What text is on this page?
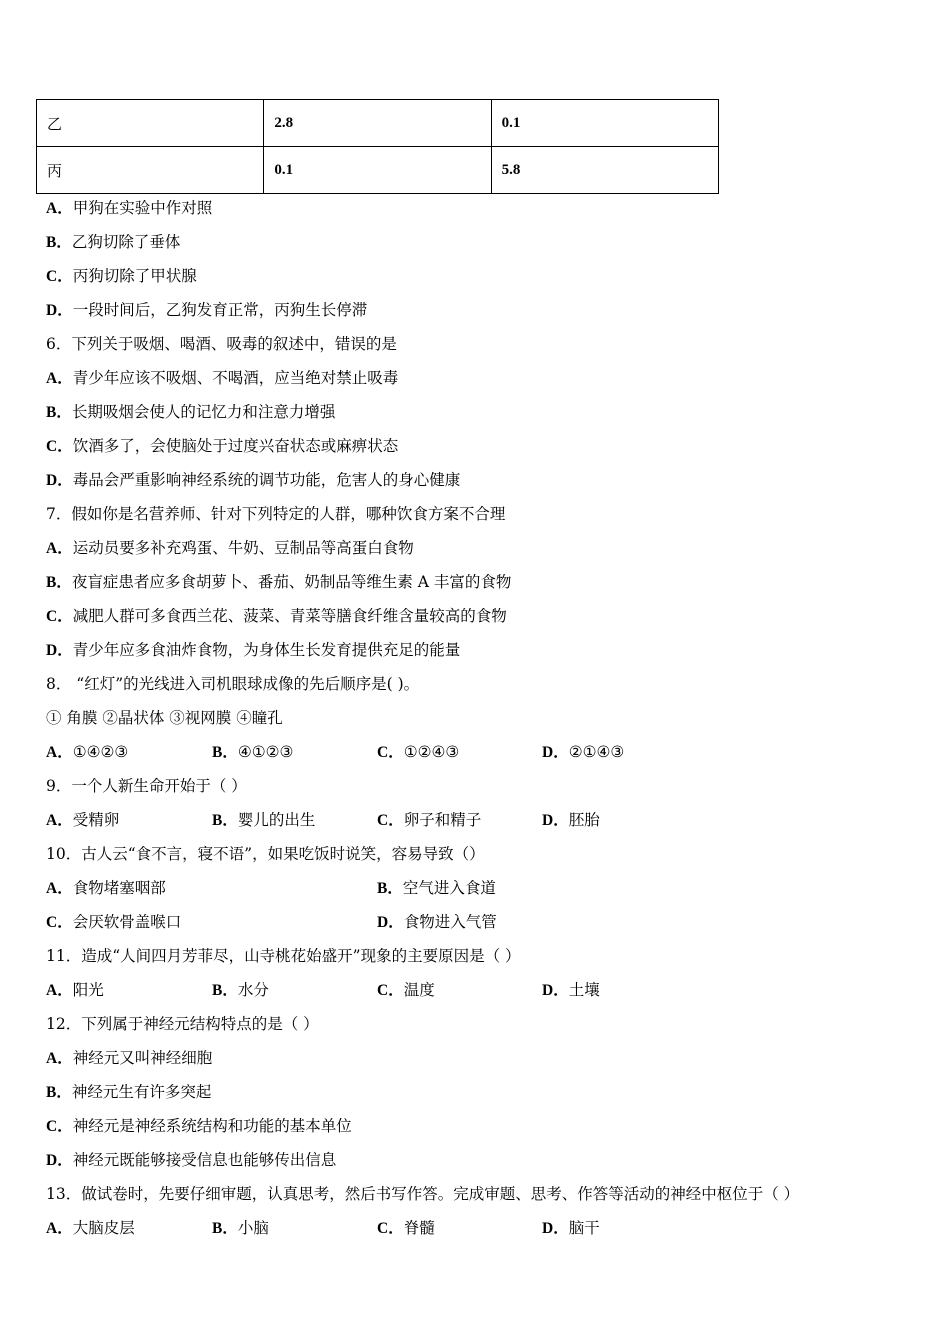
乙	2.8	0.1
丙	0.1	5.8
A．甲狗在实验中作对照
B．乙狗切除了垂体
C．丙狗切除了甲状腺
D．一段时间后，乙狗发育正常，丙狗生长停滞
6．下列关于吸烟、喝酒、吸毒的叙述中，错误的是
A．青少年应该不吸烟、不喝酒，应当绝对禁止吸毒
B．长期吸烟会使人的记忆力和注意力增强
C．饮酒多了，会使脑处于过度兴奋状态或麻痹状态
D．毒品会严重影响神经系统的调节功能，危害人的身心健康
7．假如你是名营养师、针对下列特定的人群，哪种饮食方案不合理
A．运动员要多补充鸡蛋、牛奶、豆制品等高蛋白食物
B．夜盲症患者应多食胡萝卜、番茄、奶制品等维生素 A 丰富的食物
C．减肥人群可多食西兰花、菠菜、青菜等膳食纤维含量较高的食物
D．青少年应多食油炸食物，为身体生长发育提供充足的能量
8． “红灯”的光线进入司机眼球成像的先后顺序是( )。
① 角膜 ②晶状体 ③视网膜 ④瞳孔
A．①④②③	B．④①②③	C．①②④③	D．②①④③
9．一个人新生命开始于（ ）
A．受精卵	B．婴儿的出生	C．卵子和精子	D．胚胎
10．古人云“食不言，寝不语”，如果吃饭时说笑，容易导致（）
A．食物堵塞咽部	B．空气进入食道
C．会厌软骨盖喉口	D．食物进入气管
11．造成“人间四月芳菲尽，山寺桃花始盛开”现象的主要原因是（ ）
A．阳光	B．水分	C．温度	D．土壤
12．下列属于神经元结构特点的是（ ）
A．神经元又叫神经细胞
B．神经元生有许多突起
C．神经元是神经系统结构和功能的基本单位
D．神经元既能够接受信息也能够传出信息
13．做试卷时，先要仔细审题，认真思考，然后书写作答。完成审题、思考、作答等活动的神经中枢位于（ ）
A．大脑皮层	B．小脑	C．脊髓	D．脑干
